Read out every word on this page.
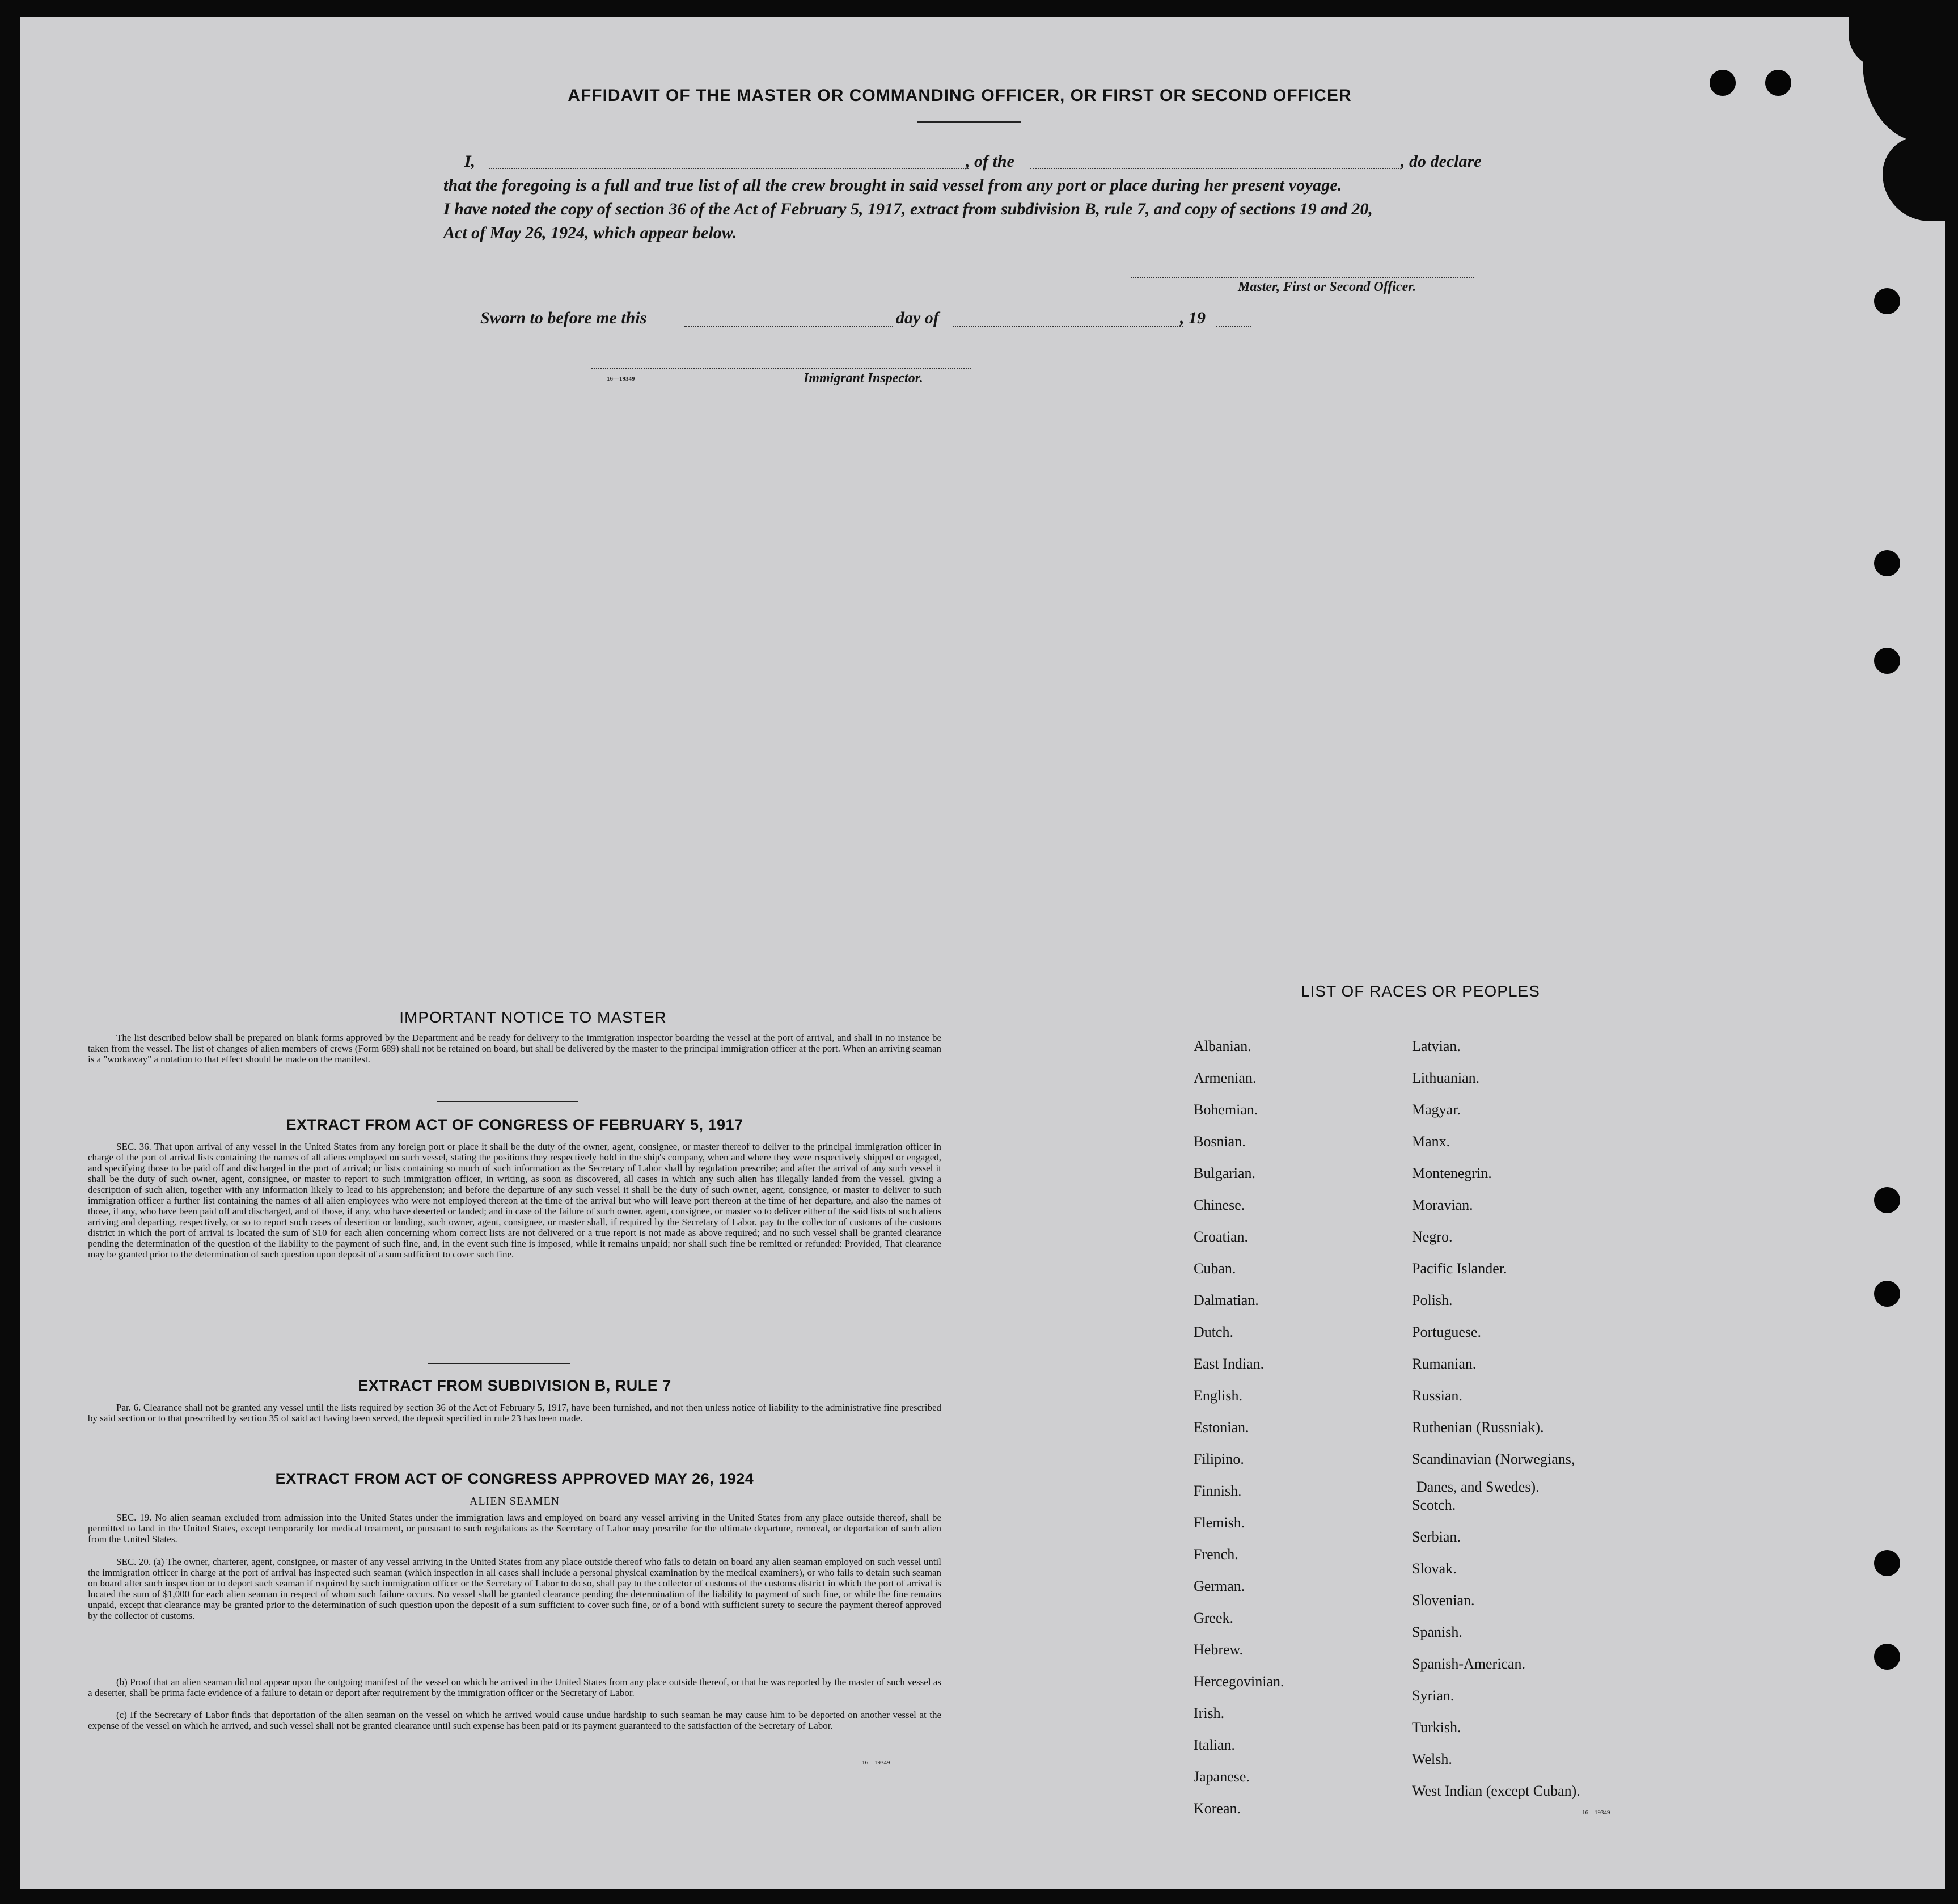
AFFIDAVIT OF THE MASTER OR COMMANDING OFFICER, OR FIRST OR SECOND OFFICER
I,	, of the	, do declare
that the foregoing is a full and true list of all the crew brought in said vessel from any port or place during her present voyage.
I have noted the copy of section 36 of the Act of February 5, 1917, extract from subdivision B, rule 7, and copy of sections 19 and 20,
Act of May 26, 1924, which appear below.
Master, First or Second Officer.
Sworn to before me this	day of	, 19
16—19349	Immigrant Inspector.
IMPORTANT NOTICE TO MASTER
The list described below shall be prepared on blank forms approved by the Department and be ready for delivery to the immigration inspector boarding the vessel at the port of arrival, and shall in no instance be taken from the vessel. The list of changes of alien members of crews (Form 689) shall not be retained on board, but shall be delivered by the master to the principal immigration officer at the port. When an arriving seaman is a "workaway" a notation to that effect should be made on the manifest.
EXTRACT FROM ACT OF CONGRESS OF FEBRUARY 5, 1917
SEC. 36. That upon arrival of any vessel in the United States from any foreign port or place it shall be the duty of the owner, agent, consignee, or master thereof to deliver to the principal immigration officer in charge of the port of arrival lists containing the names of all aliens employed on such vessel, stating the positions they respectively hold in the ship's company, when and where they were respectively shipped or engaged, and specifying those to be paid off and discharged in the port of arrival; or lists containing so much of such information as the Secretary of Labor shall by regulation prescribe; and after the arrival of any such vessel it shall be the duty of such owner, agent, consignee, or master to report to such immigration officer, in writing, as soon as discovered, all cases in which any such alien has illegally landed from the vessel, giving a description of such alien, together with any information likely to lead to his apprehension; and before the departure of any such vessel it shall be the duty of such owner, agent, consignee, or master to deliver to such immigration officer a further list containing the names of all alien employees who were not employed thereon at the time of the arrival but who will leave port thereon at the time of her departure, and also the names of those, if any, who have been paid off and discharged, and of those, if any, who have deserted or landed; and in case of the failure of such owner, agent, consignee, or master so to deliver either of the said lists of such aliens arriving and departing, respectively, or so to report such cases of desertion or landing, such owner, agent, consignee, or master shall, if required by the Secretary of Labor, pay to the collector of customs of the customs district in which the port of arrival is located the sum of $10 for each alien concerning whom correct lists are not delivered or a true report is not made as above required; and no such vessel shall be granted clearance pending the determination of the question of the liability to the payment of such fine, and, in the event such fine is imposed, while it remains unpaid; nor shall such fine be remitted or refunded: Provided, That clearance may be granted prior to the determination of such question upon deposit of a sum sufficient to cover such fine.
EXTRACT FROM SUBDIVISION B, RULE 7
Par. 6. Clearance shall not be granted any vessel until the lists required by section 36 of the Act of February 5, 1917, have been furnished, and not then unless notice of liability to the administrative fine prescribed by said section or to that prescribed by section 35 of said act having been served, the deposit specified in rule 23 has been made.
EXTRACT FROM ACT OF CONGRESS APPROVED MAY 26, 1924
ALIEN SEAMEN
SEC. 19. No alien seaman excluded from admission into the United States under the immigration laws and employed on board any vessel arriving in the United States from any place outside thereof, shall be permitted to land in the United States, except temporarily for medical treatment, or pursuant to such regulations as the Secretary of Labor may prescribe for the ultimate departure, removal, or deportation of such alien from the United States.
SEC. 20. (a) The owner, charterer, agent, consignee, or master of any vessel arriving in the United States from any place outside thereof who fails to detain on board any alien seaman employed on such vessel until the immigration officer in charge at the port of arrival has inspected such seaman (which inspection in all cases shall include a personal physical examination by the medical examiners), or who fails to detain such seaman on board after such inspection or to deport such seaman if required by such immigration officer or the Secretary of Labor to do so, shall pay to the collector of customs of the customs district in which the port of arrival is located the sum of $1,000 for each alien seaman in respect of whom such failure occurs. No vessel shall be granted clearance pending the determination of the liability to payment of such fine, or while the fine remains unpaid, except that clearance may be granted prior to the determination of such question upon the deposit of a sum sufficient to cover such fine, or of a bond with sufficient surety to secure the payment thereof approved by the collector of customs.
(b) Proof that an alien seaman did not appear upon the outgoing manifest of the vessel on which he arrived in the United States from any place outside thereof, or that he was reported by the master of such vessel as a deserter, shall be prima facie evidence of a failure to detain or deport after requirement by the immigration officer or the Secretary of Labor.
(c) If the Secretary of Labor finds that deportation of the alien seaman on the vessel on which he arrived would cause undue hardship to such seaman he may cause him to be deported on another vessel at the expense of the vessel on which he arrived, and such vessel shall not be granted clearance until such expense has been paid or its payment guaranteed to the satisfaction of the Secretary of Labor.
16—19349
LIST OF RACES OR PEOPLES
Danes, and Swedes).
16—19349
Albanian.
Armenian.
Bohemian.
Bosnian.
Bulgarian.
Chinese.
Croatian.
Cuban.
Dalmatian.
Dutch.
East Indian.
English.
Estonian.
Filipino.
Finnish.
Flemish.
French.
German.
Greek.
Hebrew.
Hercegovinian.
Irish.
Italian.
Japanese.
Korean.
Latvian.
Lithuanian.
Magyar.
Manx.
Montenegrin.
Moravian.
Negro.
Pacific Islander.
Polish.
Portuguese.
Rumanian.
Russian.
Ruthenian (Russniak).
Scandinavian (Norwegians,
Scotch.
Serbian.
Slovak.
Slovenian.
Spanish.
Spanish-American.
Syrian.
Turkish.
Welsh.
West Indian (except Cuban).
